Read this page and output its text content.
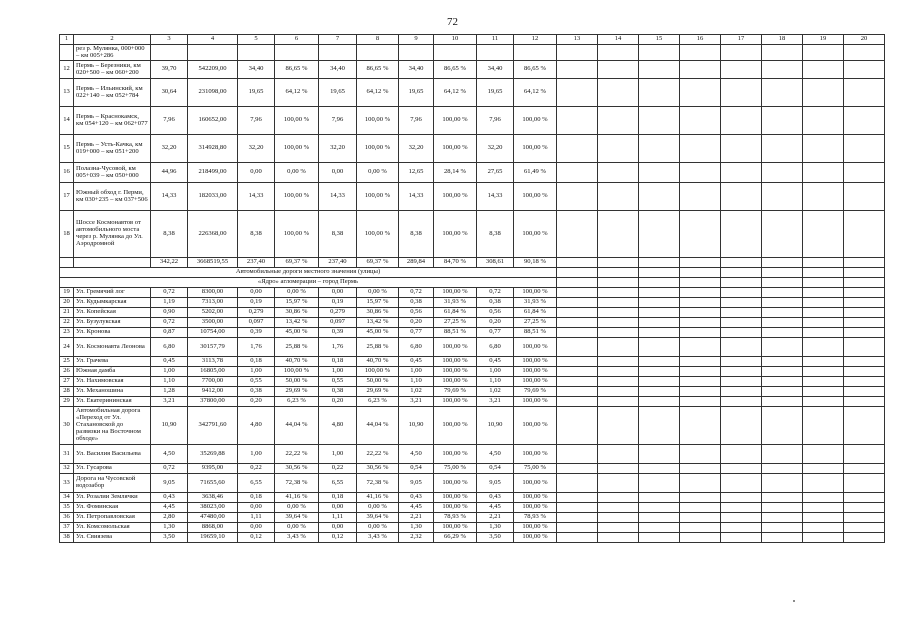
72
1	2	3	4	5	6	7	8	9	10	11	12	13	14	15	16	17	18	19	20
	рез р. Мулянка, 000+000 – км 005+286																		
12	Пермь – Березники, км 020+500 – км 060+200	39,70	542209,00	34,40	86,65 %	34,40	86,65 %	34,40	86,65 %	34,40	86,65 %								
13	Пермь – Ильинский, км 022+140 – км 052+784	30,64	231098,00	19,65	64,12 %	19,65	64,12 %	19,65	64,12 %	19,65	64,12 %								
14	Пермь – Краснокамск, км 054+120 – км 062+077	7,96	160652,00	7,96	100,00 %	7,96	100,00 %	7,96	100,00 %	7,96	100,00 %								
15	Пермь – Усть-Качка, км 019+000 – км 051+200	32,20	314928,80	32,20	100,00 %	32,20	100,00 %	32,20	100,00 %	32,20	100,00 %								
16	Полазна-Чусовой, км 005+039 – км 050+000	44,96	218499,00	0,00	0,00 %	0,00	0,00 %	12,65	28,14 %	27,65	61,49 %								
17	Южный обход г. Перми, км 030+235 – км 037+506	14,33	182033,00	14,33	100,00 %	14,33	100,00 %	14,33	100,00 %	14,33	100,00 %								
18	Шоссе Космонавтов от автомобильного моста через р. Мулянка до Ул. Аэродромной	8,38	226368,00	8,38	100,00 %	8,38	100,00 %	8,38	100,00 %	8,38	100,00 %								
		342,22	3668519,55	237,40	69,37 %	237,40	69,37 %	289,84	84,70 %	308,61	90,18 %								
Автомобильные дороги местного значения (улицы)																			
«Ядро» агломерации – город Пермь																			
19	Ул. Гремячий лог	0,72	8300,00	0,00	0,00 %	0,00	0,00 %	0,72	100,00 %	0,72	100,00 %								
20	Ул. Кудымкарская	1,19	7313,00	0,19	15,97 %	0,19	15,97 %	0,38	31,93 %	0,38	31,93 %								
21	Ул. Копейская	0,90	5202,00	0,279	30,86 %	0,279	30,86 %	0,56	61,84 %	0,56	61,84 %								
22	Ул. Бузулукская	0,72	3500,00	0,097	13,42 %	0,097	13,42 %	0,20	27,25 %	0,20	27,25 %								
23	Ул. Кронова	0,87	10754,00	0,39	45,00 %	0,39	45,00 %	0,77	88,51 %	0,77	88,51 %								
24	Ул. Космонавта Леонова	6,80	30157,79	1,76	25,88 %	1,76	25,88 %	6,80	100,00 %	6,80	100,00 %								
25	Ул. Грачева	0,45	3113,78	0,18	40,70 %	0,18	40,70 %	0,45	100,00 %	0,45	100,00 %								
26	Южная дамба	1,00	16805,00	1,00	100,00 %	1,00	100,00 %	1,00	100,00 %	1,00	100,00 %								
27	Ул. Нахимовская	1,10	7700,00	0,55	50,00 %	0,55	50,00 %	1,10	100,00 %	1,10	100,00 %								
28	Ул. Механошина	1,28	9412,00	0,38	29,69 %	0,38	29,69 %	1,02	79,69 %	1,02	79,69 %								
29	Ул. Екатерининская	3,21	37800,00	0,20	6,23 %	0,20	6,23 %	3,21	100,00 %	3,21	100,00 %								
30	Автомобильная дорога «Переход от Ул. Стахановской до развязки на Восточном обходе»	10,90	342791,60	4,80	44,04 %	4,80	44,04 %	10,90	100,00 %	10,90	100,00 %								
31	Ул. Василия Васильева	4,50	35269,88	1,00	22,22 %	1,00	22,22 %	4,50	100,00 %	4,50	100,00 %								
32	Ул. Гусарова	0,72	9395,00	0,22	30,56 %	0,22	30,56 %	0,54	75,00 %	0,54	75,00 %								
33	Дорога на Чусовской водозабор	9,05	71655,60	6,55	72,38 %	6,55	72,38 %	9,05	100,00 %	9,05	100,00 %								
34	Ул. Розалии Землячки	0,43	3638,46	0,18	41,16 %	0,18	41,16 %	0,43	100,00 %	0,43	100,00 %								
35	Ул. Фоминская	4,45	38023,00	0,00	0,00 %	0,00	0,00 %	4,45	100,00 %	4,45	100,00 %								
36	Ул. Петропавловская	2,80	47480,00	1,11	39,64 %	1,11	39,64 %	2,21	78,93 %	2,21	78,93 %								
37	Ул. Комсомольская	1,30	8868,00	0,00	0,00 %	0,00	0,00 %	1,30	100,00 %	1,30	100,00 %								
38	Ул. Свиязева	3,50	19659,10	0,12	3,43 %	0,12	3,43 %	2,32	66,29 %	3,50	100,00 %								
